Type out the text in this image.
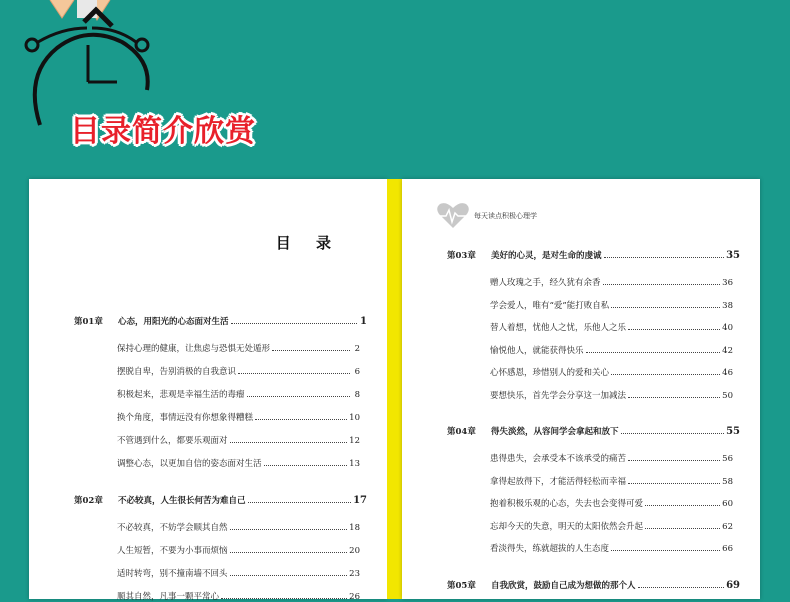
目录简介欣赏
目 录
第01章	心态，用阳光的心态面对生活	1
保持心理的健康，让焦虑与恐惧无处遁形	2
摆脱自卑，告别消极的自我意识	6
积极起来，悲观是幸福生活的毒瘤	8
换个角度，事情远没有你想象得糟糕	10
不管遇到什么，都要乐观面对	12
调整心态，以更加自信的姿态面对生活	13
第02章	不必较真，人生很长何苦为难自己	17
不必较真，不妨学会顺其自然	18
人生短暂，不要为小事而烦恼	20
适时转弯，别不撞南墙不回头	23
顺其自然，凡事一颗平常心	26
每天读点积极心理学
第03章	美好的心灵，是对生命的虔诚	35
赠人玫瑰之手，经久犹有余香	36
学会爱人，唯有“爱”能打败自私	38
替人着想，忧他人之忧，乐他人之乐	40
愉悦他人，就能获得快乐	42
心怀感恩，珍惜别人的爱和关心	46
要想快乐，首先学会分享这一加减法	50
第04章	得失淡然，从容间学会拿起和放下	55
患得患失，会承受本不该承受的痛苦	56
拿得起放得下，才能活得轻松而幸福	58
抱着积极乐观的心态，失去也会变得可爱	60
忘却今天的失意，明天的太阳依然会升起	62
看淡得失，练就超拔的人生态度	66
第05章	自我欣赏，鼓励自己成为想做的那个人	69
